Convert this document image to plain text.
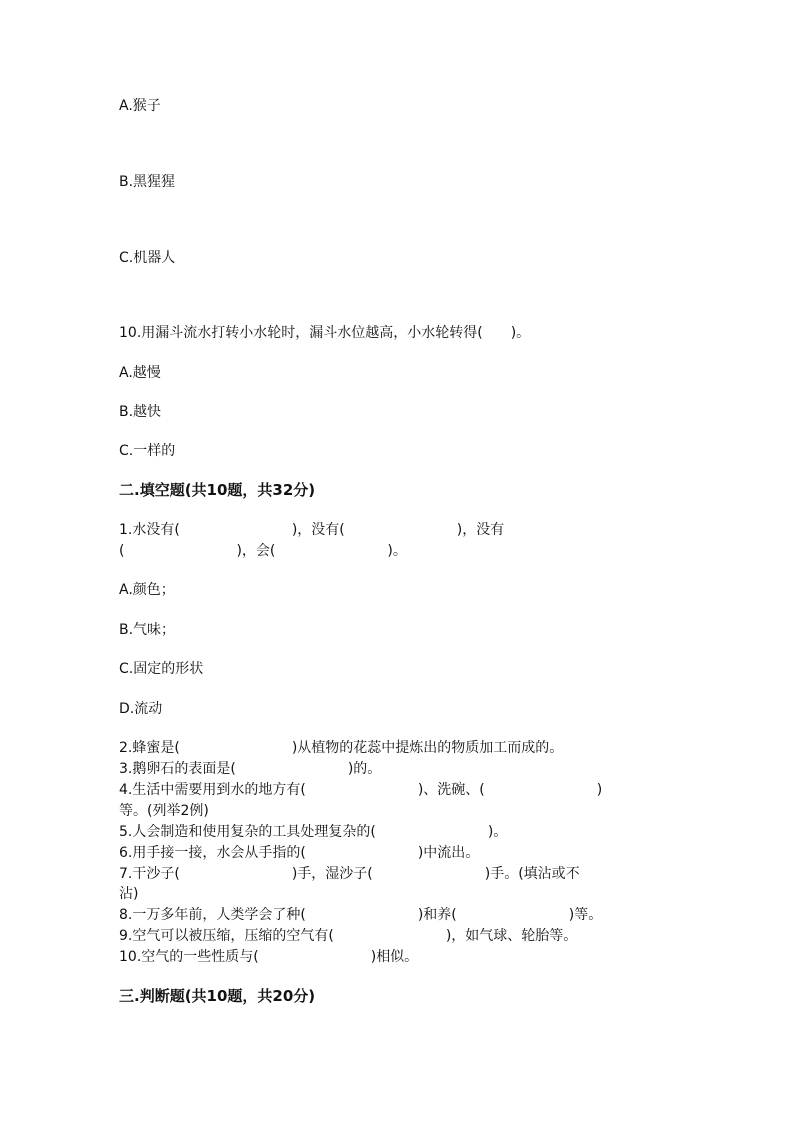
A.猴子
B.黑猩猩
C.机器人
10.用漏斗流水打转小水轮时，漏斗水位越高，小水轮转得(　　)。
A.越慢
B.越快
C.一样的
二.填空题(共10题，共32分)
1.水没有(　　　　　　　　)，没有(　　　　　　　　)，没有
(　　　　　　　　)，会(　　　　　　　　)。
A.颜色；
B.气味；
C.固定的形状
D.流动
2.蜂蜜是(　　　　　　　　)从植物的花蕊中提炼出的物质加工而成的。
3.鹅卵石的表面是(　　　　　　　　)的。
4.生活中需要用到水的地方有(　　　　　　　　)、洗碗、(　　　　　　　　)
等。(列举2例)
5.人会制造和使用复杂的工具处理复杂的(　　　　　　　　)。
6.用手接一接，水会从手指的(　　　　　　　　)中流出。
7.干沙子(　　　　　　　　)手，湿沙子(　　　　　　　　)手。(填沾或不
沾)
8.一万多年前，人类学会了种(　　　　　　　　)和养(　　　　　　　　)等。
9.空气可以被压缩，压缩的空气有(　　　　　　　　)，如气球、轮胎等。
10.空气的一些性质与(　　　　　　　　)相似。
三.判断题(共10题，共20分)
